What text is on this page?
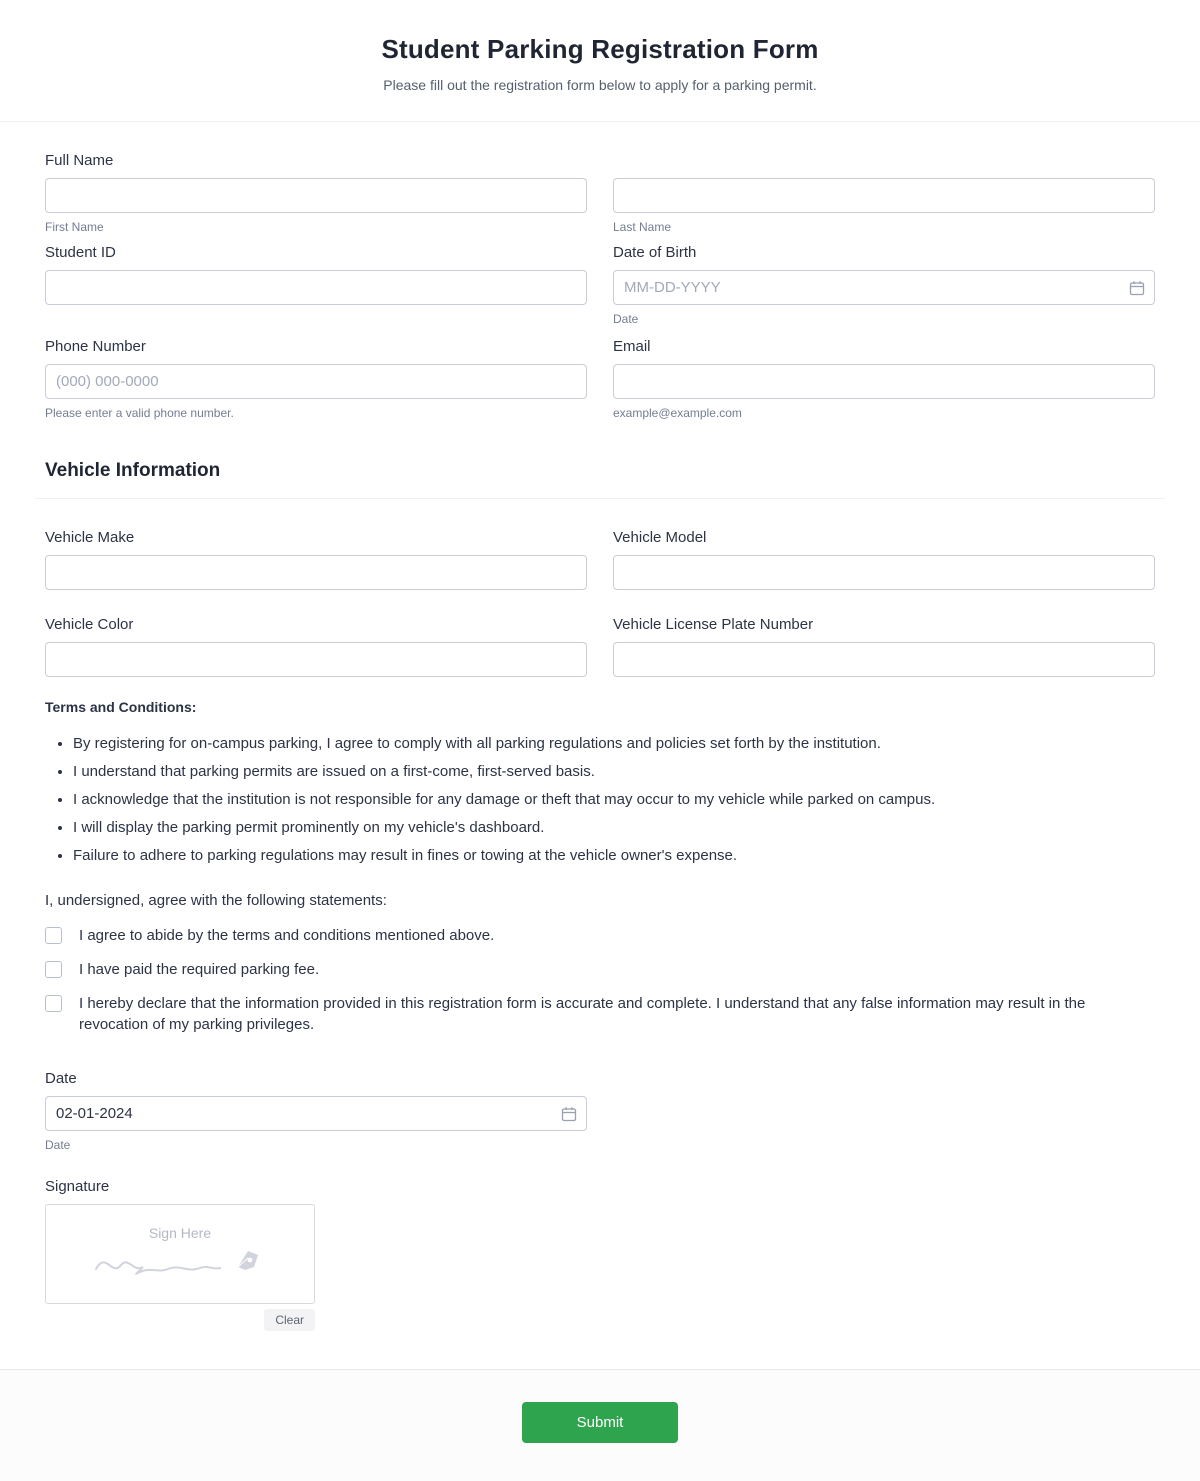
Student Parking Registration Form
Please fill out the registration form below to apply for a parking permit.
Full Name
First Name	Last Name
Student ID	Date of Birth
MM-DD-YYYY
Date
Phone Number
(000) 000-0000
Please enter a valid phone number.
Email
example@example.com
Vehicle Information
Vehicle Make	Vehicle Model
Vehicle Color	Vehicle License Plate Number
Terms and Conditions:
• By registering for on-campus parking, I agree to comply with all parking regulations and policies set forth by the institution.
• I understand that parking permits are issued on a first-come, first-served basis.
• I acknowledge that the institution is not responsible for any damage or theft that may occur to my vehicle while parked on campus.
• I will display the parking permit prominently on my vehicle's dashboard.
• Failure to adhere to parking regulations may result in fines or towing at the vehicle owner's expense.
I, undersigned, agree with the following statements:
I agree to abide by the terms and conditions mentioned above.
I have paid the required parking fee.
I hereby declare that the information provided in this registration form is accurate and complete. I understand that any false information may result in the revocation of my parking privileges.
Date
02-01-2024
Date
Signature
Sign Here
Clear
Submit
